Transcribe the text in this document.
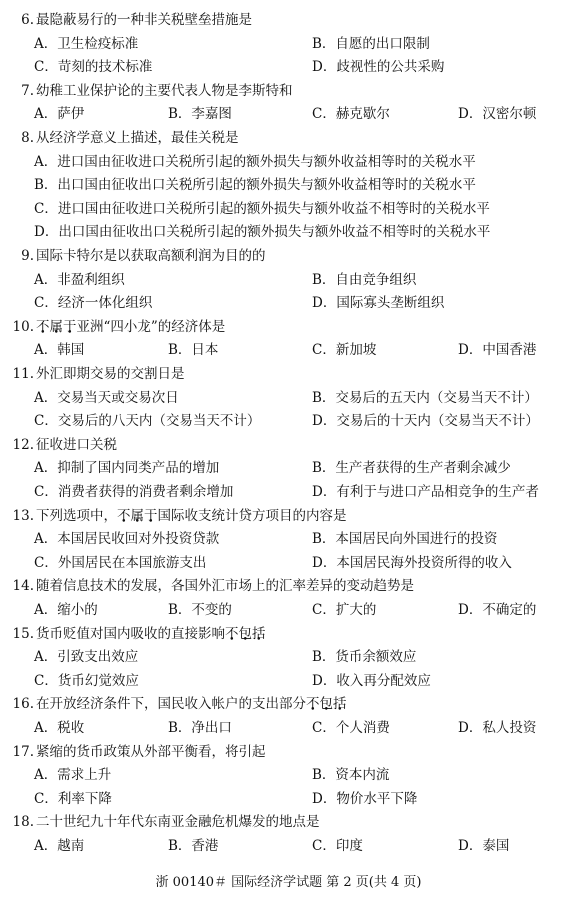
6. 最隐蔽易行的一种非关税壁垒措施是
A．卫生检疫标准	B．自愿的出口限制
C．苛刻的技术标准	D．歧视性的公共采购
7. 幼稚工业保护论的主要代表人物是李斯特和
A．萨伊	B．李嘉图	C．赫克歇尔	D．汉密尔顿
8. 从经济学意义上描述，最佳关税是
A．进口国由征收进口关税所引起的额外损失与额外收益相等时的关税水平
B．出口国由征收出口关税所引起的额外损失与额外收益相等时的关税水平
C．进口国由征收进口关税所引起的额外损失与额外收益不相等时的关税水平
D．出口国由征收出口关税所引起的额外损失与额外收益不相等时的关税水平
9. 国际卡特尔是以获取高额利润为目的的
A．非盈利组织	B．自由竞争组织
C．经济一体化组织	D．国际寡头垄断组织
10. 不属于亚洲“四小龙”的经济体是
A．韩国	B．日本	C．新加坡	D．中国香港
11. 外汇即期交易的交割日是
A．交易当天或交易次日	B．交易后的五天内（交易当天不计）
C．交易后的八天内（交易当天不计）	D．交易后的十天内（交易当天不计）
12. 征收进口关税
A．抑制了国内同类产品的增加	B．生产者获得的生产者剩余减少
C．消费者获得的消费者剩余增加	D．有利于与进口产品相竞争的生产者
13. 下列选项中，不属于国际收支统计贷方项目的内容是
A．本国居民收回对外投资贷款	B．本国居民向外国进行的投资
C．外国居民在本国旅游支出	D．本国居民海外投资所得的收入
14. 随着信息技术的发展，各国外汇市场上的汇率差异的变动趋势是
A．缩小的	B．不变的	C．扩大的	D．不确定的
15. 货币贬值对国内吸收的直接影响不包括
A．引致支出效应	B．货币余额效应
C．货币幻觉效应	D．收入再分配效应
16. 在开放经济条件下，国民收入帐户的支出部分不包括
A．税收	B．净出口	C．个人消费	D．私人投资
17. 紧缩的货币政策从外部平衡看，将引起
A．需求上升	B．资本内流
C．利率下降	D．物价水平下降
18. 二十世纪九十年代东南亚金融危机爆发的地点是
A．越南	B．香港	C．印度	D．泰国
浙 00140＃ 国际经济学试题 第 2 页(共 4 页)
